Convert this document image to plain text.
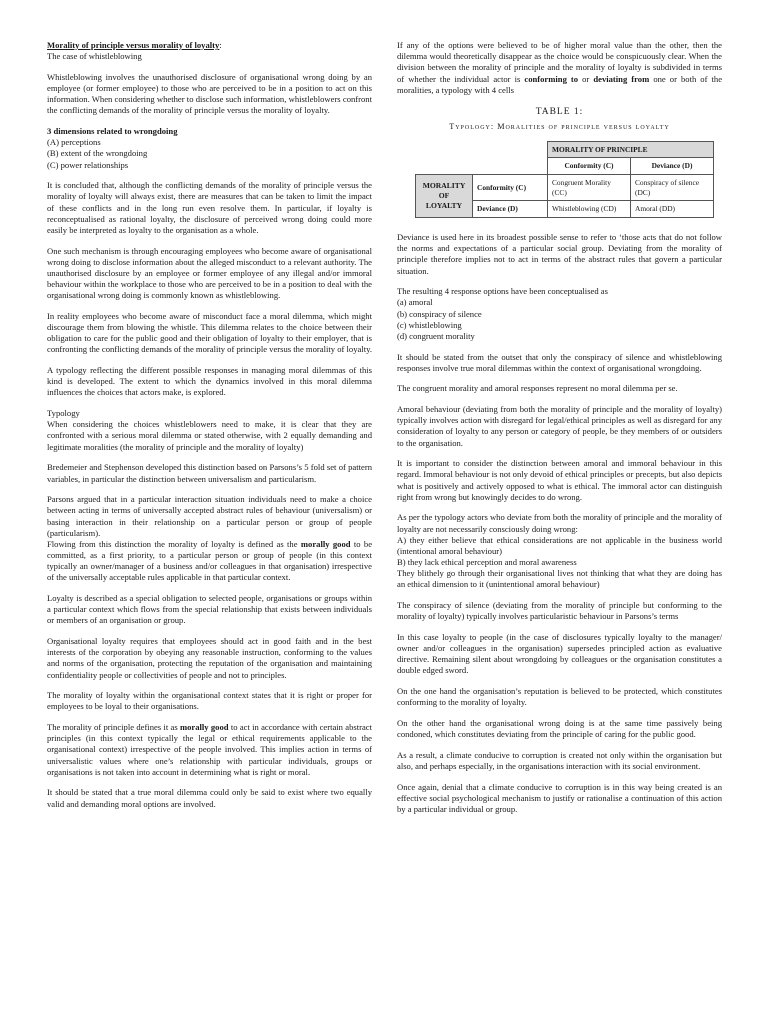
Morality of principle versus morality of loyalty:

The case of whistleblowing

Whistleblowing involves the unauthorised disclosure of organisational wrong doing by an employee (or former employee) to those who are perceived to be in a position to act on this information. When considering whether to disclose such information, whistleblowers confront the conflicting demands of the morality of principle versus the morality of loyalty.

3 dimensions related to wrongdoing

(A) perceptions
(B) extent of the wrongdoing
(C) power relationships

It is concluded that, although the conflicting demands of the morality of principle versus the morality of loyalty will always exist, there are measures that can be taken to limit the impact of these conflicts and in the long run even resolve them. In particular, if loyalty is reconceptualised as rational loyalty, the disclosure of perceived wrong doing could more easily be interpreted as loyalty to the organisation as a whole.

One such mechanism is through encouraging employees who become aware of organisational wrong doing to disclose information about the alleged misconduct to a relevant authority. The unauthorised disclosure by an employee or former employee of any illegal and/or immoral behaviour within the workplace to those who are perceived to be in a position to deal with the organisational wrong doing is commonly known as whistleblowing.

In reality employees who become aware of misconduct face a moral dilemma, which might discourage them from blowing the whistle. This dilemma relates to the choice between their obligation to care for the public good and their obligation of loyalty to their employer, that is confronting the conflicting demands of the morality of principle versus the morality of loyalty.

A typology reflecting the different possible responses in managing moral dilemmas of this kind is developed. The extent to which the dynamics involved in this moral dilemma influences the choices that actors make, is explored.

Typology

When considering the choices whistleblowers need to make, it is clear that they are confronted with a serious moral dilemma or stated otherwise, with 2 equally demanding and legitimate moralities (the morality of principle and the morality of loyalty)

Bredemeier and Stephenson developed this distinction based on Parsons’s 5 fold set of pattern variables, in particular the distinction between universalism and particularism.

Parsons argued that in a particular interaction situation individuals need to make a choice between acting in terms of universally accepted abstract rules of behaviour (universalism) or basing interaction in their relationship on a particular person or group of people (particularism).

Flowing from this distinction the morality of loyalty is defined as the morally good to be committed, as a first priority, to a particular person or group of people (in this context typically an owner/manager of a business and/or colleagues in that organisation) irrespective of the universally acceptable rules applicable in that particular context.

Loyalty is described as a special obligation to selected people, organisations or groups within a particular context which flows from the special relationship that exists between individuals or members of an organisation or group.

Organisational loyalty requires that employees should act in good faith and in the best interests of the corporation by obeying any reasonable instruction, conforming to the values and norms of the organisation, protecting the reputation of the organisation and maintaining confidentiality people or collectivities of people and not to principles.

The morality of loyalty within the organisational context states that it is right or proper for employees to be loyal to their organisations.

The morality of principle defines it as morally good to act in accordance with certain abstract principles (in this context typically the legal or ethical requirements applicable to the organisational context) irrespective of the people involved. This implies action in terms of universalistic values where one’s relationship with particular individuals, groups or organisations is not taken into account in determining what is right or moral.

It should be stated that a true moral dilemma could only be said to exist where two equally valid and demanding moral options are involved.

If any of the options were believed to be of higher moral value than the other, then the dilemma would theoretically disappear as the choice would be conspicuously clear. When the division between the morality of principle and the morality of loyalty is subdivided in terms of whether the individual actor is conforming to or deviating from one or both of the moralities, a typology with 4 cells

TABLE 1:
Typology: Moralities of principle versus loyalty
		MORALITY OF PRINCIPLE	
		Conformity (C)	Deviance (D)
MORALITY OF LOYALTY	Conformity (C)	Congruent Morality (CC)	Conspiracy of silence (DC)
	Deviance (D)	Whistleblowing (CD)	Amoral (DD)

Deviance is used here in its broadest possible sense to refer to ‘those acts that do not follow the norms and expectations of a particular social group. Deviating from the morality of principle therefore implies not to act in terms of the abstract rules that govern a particular situation.

The resulting 4 response options have been conceptualised as

(a) amoral
(b) conspiracy of silence
(c) whistleblowing
(d) congruent morality

It should be stated from the outset that only the conspiracy of silence and whistleblowing responses involve true moral dilemmas within the context of organisational wrongdoing.

The congruent morality and amoral responses represent no moral dilemma per se.

Amoral behaviour (deviating from both the morality of principle and the morality of loyalty) typically involves action with disregard for legal/ethical principles as well as disregard for any consideration of loyalty to any person or category of people, be they members of or outsiders to the organisation.

It is important to consider the distinction between amoral and immoral behaviour in this regard. Immoral behaviour is not only devoid of ethical principles or precepts, but also depicts what is positively and actively opposed to what is ethical. The immoral actor can distinguish right from wrong but knowingly decides to do wrong.

As per the typology actors who deviate from both the morality of principle and the morality of loyalty are not necessarily consciously doing wrong:

A) they either believe that ethical considerations are not applicable in the business world (intentional amoral behaviour)

B) they lack ethical perception and moral awareness

They blithely go through their organisational lives not thinking that what they are doing has an ethical dimension to it (unintentional amoral behaviour)

The conspiracy of silence (deviating from the morality of principle but conforming to the morality of loyalty) typically involves particularistic behaviour in Parsons’s terms

In this case loyalty to people (in the case of disclosures typically loyalty to the manager/ owner and/or colleagues in the organisation) supersedes principled action as evaluative directive. Remaining silent about wrongdoing by colleagues or the organisation constitutes a double edged sword.

On the one hand the organisation’s reputation is believed to be protected, which constitutes conforming to the morality of loyalty.

On the other hand the organisational wrong doing is at the same time passively being condoned, which constitutes deviating from the principle of caring for the public good.

As a result, a climate conducive to corruption is created not only within the organisation but also, and perhaps especially, in the organisations interaction with its social environment.

Once again, denial that a climate conducive to corruption is in this way being created is an effective social psychological mechanism to justify or rationalise a continuation of this action by a particular individual or group.
